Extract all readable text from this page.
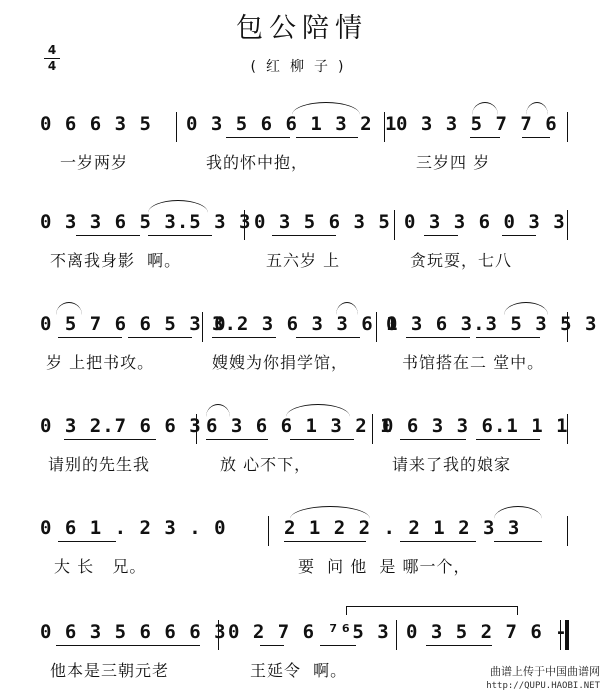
包公陪情
(红柳子)
4
4
0 6 6 3 5 0 3 5 6 6 1 3 2 1
0 3 3 5 7 7 6
一岁两岁	我的怀中抱，	三岁四 岁
0 3 3 6 5 3.5 3 3 0 3 5 6 3 5 0 3 3 6 0 3 3
不离我身影  啊。	五六岁 上	贪玩耍，七八
0 5 7 6 6 5 3 0
3.2 3 6 3 3 6 1
0 3 6 3.3 5 3 5 3
岁 上把书攻。	嫂嫂为你捐学馆，	书馆搭在二 堂中。
0 3 2.7 6 6 3 6 3 6 6 1 3 2 1
0 6 3 3 6.1 1 1
请别的先生我	放 心不下，	请来了我的娘家
0 6 1 . 2 3 . 0	2 1 2 2 . 2 1 2 3 3
大 长   兄。	要  问 他  是 哪一个，
0 6 3 5 6 6 6 3 0 2 7 6 ⁷⁶5 3 0 3 5 2 7 6 -
他本是三朝元老	王延令  啊。	曲谱上传于中国曲谱网
http://QUPU.HAOBI.NET
